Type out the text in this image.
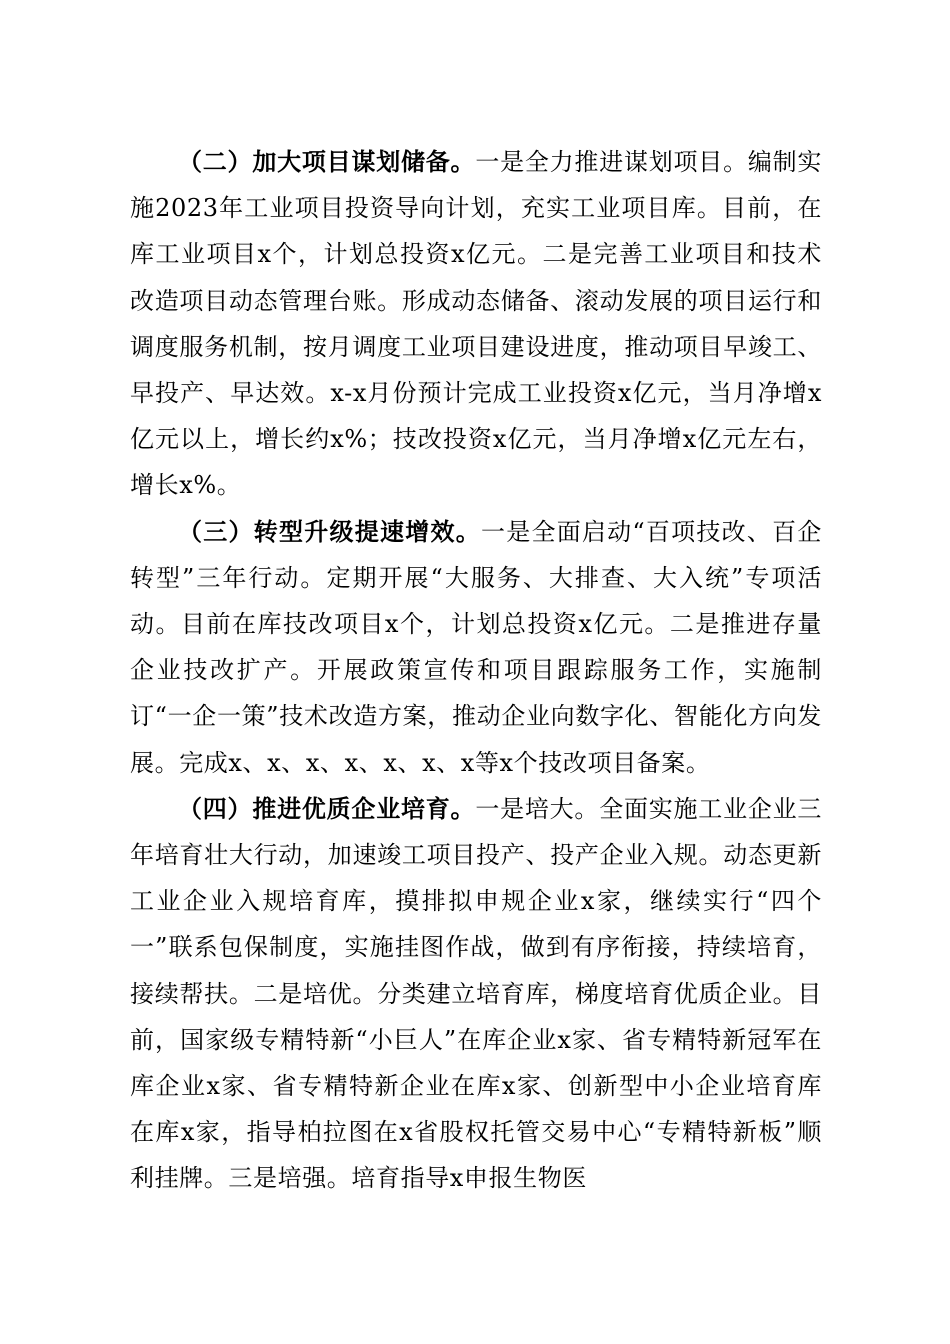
（二）加大项目谋划储备。一是全力推进谋划项目。编制实施2023年工业项目投资导向计划，充实工业项目库。目前，在库工业项目x个，计划总投资x亿元。二是完善工业项目和技术改造项目动态管理台账。形成动态储备、滚动发展的项目运行和调度服务机制，按月调度工业项目建设进度，推动项目早竣工、早投产、早达效。x-x月份预计完成工业投资x亿元，当月净增x亿元以上，增长约x%；技改投资x亿元，当月净增x亿元左右，增长x%。

（三）转型升级提速增效。一是全面启动“百项技改、百企转型”三年行动。定期开展“大服务、大排查、大入统”专项活动。目前在库技改项目x个，计划总投资x亿元。二是推进存量企业技改扩产。开展政策宣传和项目跟踪服务工作，实施制订“一企一策”技术改造方案，推动企业向数字化、智能化方向发展。完成x、x、x、x、x、x、x等x个技改项目备案。

（四）推进优质企业培育。一是培大。全面实施工业企业三年培育壮大行动，加速竣工项目投产、投产企业入规。动态更新工业企业入规培育库，摸排拟申规企业x家，继续实行“四个一”联系包保制度，实施挂图作战，做到有序衔接，持续培育，接续帮扶。二是培优。分类建立培育库，梯度培育优质企业。目前，国家级专精特新“小巨人”在库企业x家、省专精特新冠军在库企业x家、省专精特新企业在库x家、创新型中小企业培育库在库x家，指导柏拉图在x省股权托管交易中心“专精特新板”顺利挂牌。三是培强。培育指导x申报生物医
